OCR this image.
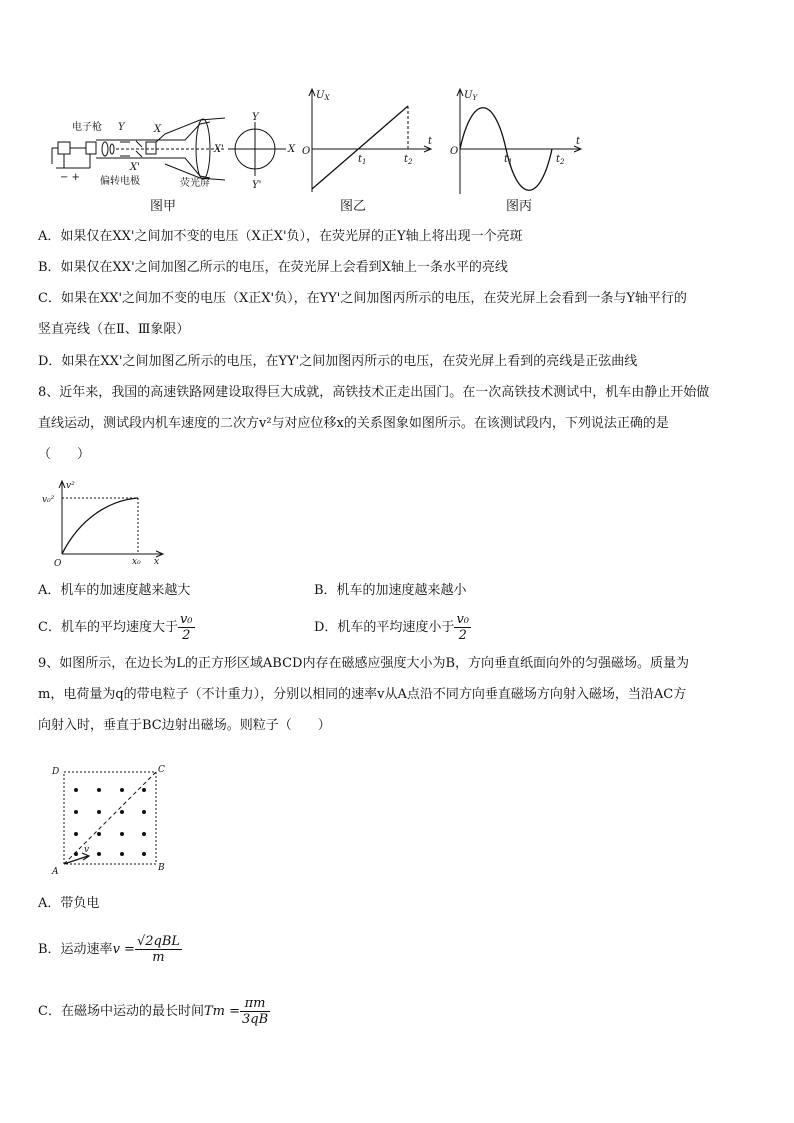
电子枪 Y	X
X'
− + 偏转电极	荧光屏
Y
Y'
X'	X
图甲
$U_X$
O
$t_1$	$t_2$
t
图乙
$U_Y$
O
$t_1$	$t_2$
t
图丙
A．如果仅在XX'之间加不变的电压（X正X'负），在荧光屏的正Y轴上将出现一个亮斑
B．如果仅在XX'之间加图乙所示的电压，在荧光屏上会看到X轴上一条水平的亮线
C．如果在XX'之间加不变的电压（X正X'负），在YY'之间加图丙所示的电压，在荧光屏上会看到一条与Y轴平行的
竖直亮线（在Ⅱ、Ⅲ象限）
D．如果在XX'之间加图乙所示的电压，在YY'之间加图丙所示的电压，在荧光屏上看到的亮线是正弦曲线
8、近年来，我国的高速铁路网建设取得巨大成就，高铁技术正走出国门。在一次高铁技术测试中，机车由静止开始做
直线运动，测试段内机车速度的二次方v²与对应位移x的关系图象如图所示。在该测试段内，下列说法正确的是
（　　）
v²
v₀²
x₀ x
O
A．机车的加速度越来越大	B．机车的加速度越来越小
C．机车的平均速度大于 $\frac{\text{v₀}}{2}$	D．机车的平均速度小于 $\frac{\text{v₀}}{2}$
9、如图所示，在边长为L的正方形区域ABCD内存在磁感应强度大小为B，方向垂直纸面向外的匀强磁场。质量为
m，电荷量为q的带电粒子（不计重力），分别以相同的速率v从A点沿不同方向垂直磁场方向射入磁场，当沿AC方
向射入时，垂直于BC边射出磁场。则粒子（　　）
D	C
A	B
v
A．带负电
B．运动速率$v = \frac{\text{√2qBL}}{m}$
C．在磁场中运动的最长时间$Tm = \frac{\pi m}{3qB}$
